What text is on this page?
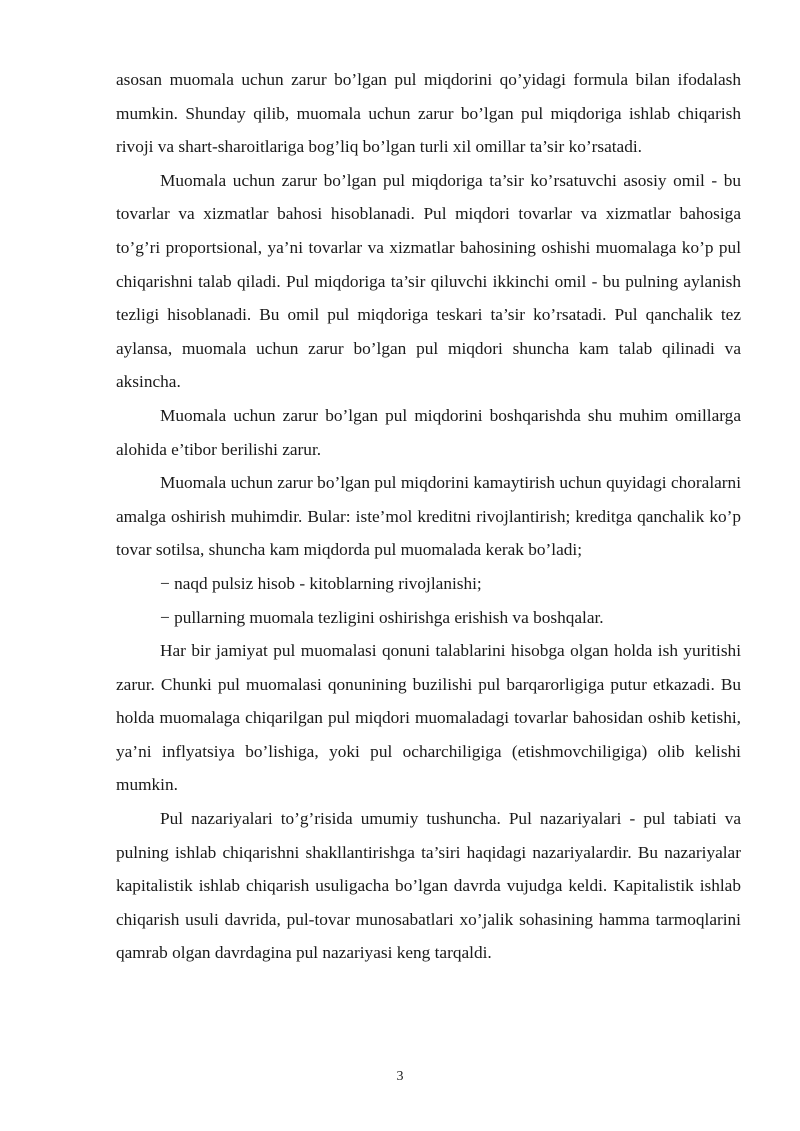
asosan muomala uchun zarur bo’lgan pul miqdorini qo’yidagi formula bilan ifodalash mumkin. Shunday qilib, muomala uchun zarur bo’lgan pul miqdoriga ishlab chiqarish rivoji va shart-sharoitlariga bog’liq bo’lgan turli xil omillar ta’sir ko’rsatadi.

Muomala uchun zarur bo’lgan pul miqdoriga ta’sir ko’rsatuvchi asosiy omil - bu tovarlar va xizmatlar bahosi hisoblanadi. Pul miqdori tovarlar va xizmatlar bahosiga to’g’ri proportsional, ya’ni tovarlar va xizmatlar bahosining oshishi muomalaga ko’p pul chiqarishni talab qiladi. Pul miqdoriga ta’sir qiluvchi ikkinchi omil - bu pulning aylanish tezligi hisoblanadi. Bu omil pul miqdoriga teskari ta’sir ko’rsatadi. Pul qanchalik tez aylansa, muomala uchun zarur bo’lgan pul miqdori shuncha kam talab qilinadi va aksincha.

Muomala uchun zarur bo’lgan pul miqdorini boshqarishda shu muhim omillarga alohida e’tibor berilishi zarur.

Muomala uchun zarur bo’lgan pul miqdorini kamaytirish uchun quyidagi choralarni amalga oshirish muhimdir. Bular: iste’mol kreditni rivojlantirish; kreditga qanchalik ko’p tovar sotilsa, shuncha kam miqdorda pul muomalada kerak bo’ladi;

− naqd pulsiz hisob - kitoblarning rivojlanishi;

− pullarning muomala tezligini oshirishga erishish va boshqalar.

Har bir jamiyat pul muomalasi qonuni talablarini hisobga olgan holda ish yuritishi zarur. Chunki pul muomalasi qonunining buzilishi pul barqarorligiga putur etkazadi. Bu holda muomalaga chiqarilgan pul miqdori muomaladagi tovarlar bahosidan oshib ketishi, ya’ni inflyatsiya bo’lishiga, yoki pul ocharchiligiga (etishmovchiligiga) olib kelishi mumkin.

Pul nazariyalari to’g’risida umumiy tushuncha. Pul nazariyalari - pul tabiati va pulning ishlab chiqarishni shakllantirishga ta’siri haqidagi nazariyalardir. Bu nazariyalar kapitalistik ishlab chiqarish usuligacha bo’lgan davrda vujudga keldi. Kapitalistik ishlab chiqarish usuli davrida, pul-tovar munosabatlari xo’jalik sohasining hamma tarmoqlarini qamrab olgan davrdagina pul nazariyasi keng tarqaldi.

3
